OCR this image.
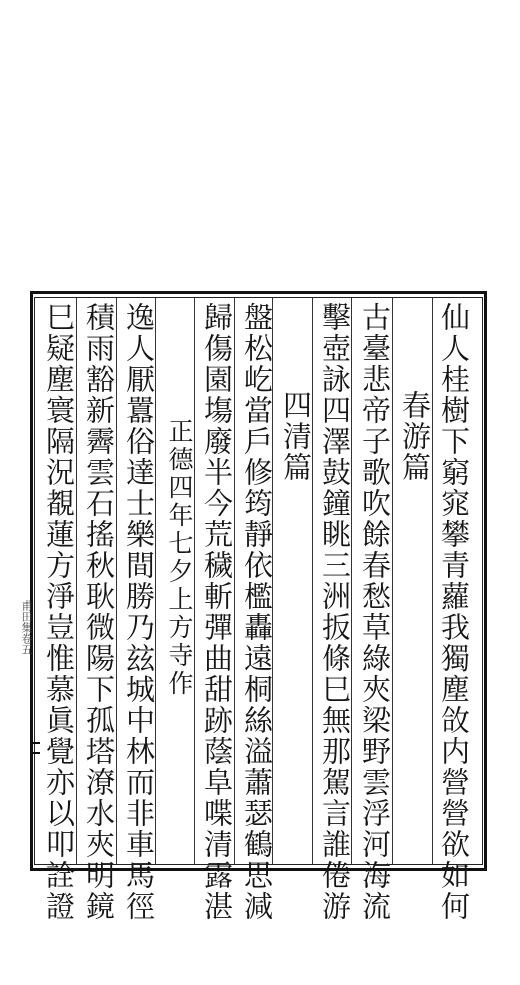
仙人桂樹下窮窕攀青蘿我獨塵㪉内營營欲如何
春游篇
古臺悲帝子歌吹餘春愁草綠夾梁野雲浮河海流
擊壺詠四澤鼓鐘眺三洲扳條巳無那駕言誰倦游
四清篇
盤松屹當戶修筠靜依檻轟遠桐絲溢蕭瑟鶴思減
歸傷園塲廢半今荒穢斬彈曲甜跡蔭阜喋清露湛
正德四年七夕上方寺作
逸人厭囂俗達士樂間勝乃玆城中林而非車馬徑
積雨豁新霽雲石搖秋耿微陽下孤塔潦水夾明鏡
巳疑塵寰隔況覩蓮方淨豈惟慕眞覺亦以叩詮證
甫田集卷五
